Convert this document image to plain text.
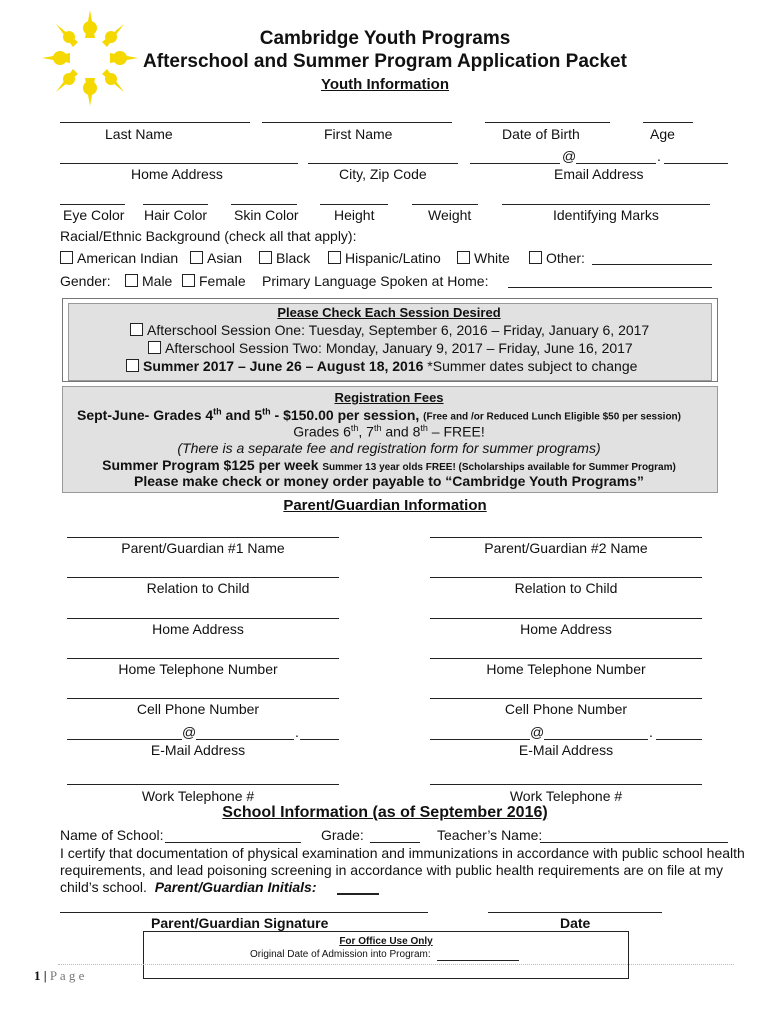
Cambridge Youth Programs
Afterschool and Summer Program Application Packet
Youth Information
Last Name	First Name	Date of Birth	Age
@	.
Home Address	City, Zip Code	Email Address
Eye Color Hair Color Skin Color	Height	Weight	Identifying Marks
Racial/Ethnic Background (check all that apply):
American Indian	Asian	Black	Hispanic/Latino	White	Other:
Gender:	Male	Female Primary Language Spoken at Home:
Please Check Each Session Desired
Afterschool Session One: Tuesday, September 6, 2016 – Friday, January 6, 2017
Afterschool Session Two: Monday, January 9, 2017 – Friday, June 16, 2017
Summer 2017 – June 26 – August 18, 2016 *Summer dates subject to change
Registration Fees
Sept-June- Grades 4th and 5th - $150.00 per session, (Free and /or Reduced Lunch Eligible $50 per session)
Grades 6th, 7th and 8th – FREE!
(There is a separate fee and registration form for summer programs)
Summer Program $125 per week Summer 13 year olds FREE! (Scholarships available for Summer Program)
Please make check or money order payable to “Cambridge Youth Programs”
Parent/Guardian Information
Parent/Guardian #1 Name
Relation to Child
Home Address
Home Telephone Number
Cell Phone Number
@	.
E-Mail Address
Work Telephone #
Parent/Guardian #2 Name
Relation to Child
Home Address
Home Telephone Number
Cell Phone Number
@	.
E-Mail Address
Work Telephone #
School Information (as of September 2016)
Name of School:	Grade:	Teacher’s Name:
I certify that documentation of physical examination and immunizations in accordance with public school health
requirements, and lead poisoning screening in accordance with public health requirements are on file at my
child’s school. Parent/Guardian Initials:
Parent/Guardian Signature	Date
For Office Use Only
Original Date of Admission into Program:
1 | P a g e
